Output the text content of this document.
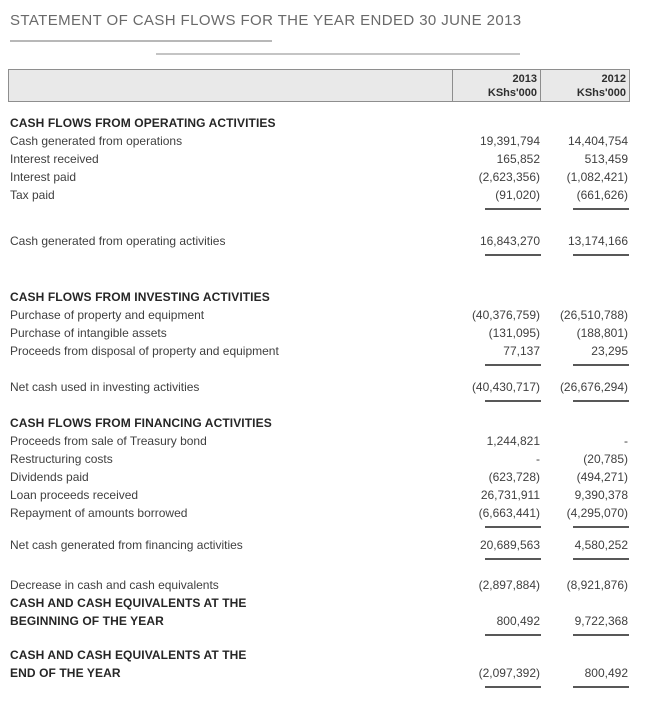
STATEMENT OF CASH FLOWS FOR THE YEAR ENDED 30 JUNE 2013
2013
KShs'000
2012
KShs'000
CASH FLOWS FROM OPERATING ACTIVITIES
Cash generated from operations	19,391,794	14,404,754
Interest received	165,852	513,459
Interest paid	(2,623,356)	(1,082,421)
Tax paid	(91,020)	(661,626)
Cash generated from operating activities	16,843,270	13,174,166
CASH FLOWS FROM INVESTING ACTIVITIES
Purchase of property and equipment	(40,376,759)	(26,510,788)
Purchase of intangible assets	(131,095)	(188,801)
Proceeds from disposal of property and equipment	77,137	23,295
Net cash used in investing activities	(40,430,717)	(26,676,294)
CASH FLOWS FROM FINANCING ACTIVITIES
Proceeds from sale of Treasury bond	1,244,821	-
Restructuring costs	-	(20,785)
Dividends paid	(623,728)	(494,271)
Loan proceeds received	26,731,911	9,390,378
Repayment of amounts borrowed	(6,663,441)	(4,295,070)
Net cash generated from financing activities	20,689,563	4,580,252
Decrease in cash and cash equivalents	(2,897,884)	(8,921,876)
CASH AND CASH EQUIVALENTS AT THE
BEGINNING OF THE YEAR	800,492	9,722,368
CASH AND CASH EQUIVALENTS AT THE
END OF THE YEAR	(2,097,392)	800,492
